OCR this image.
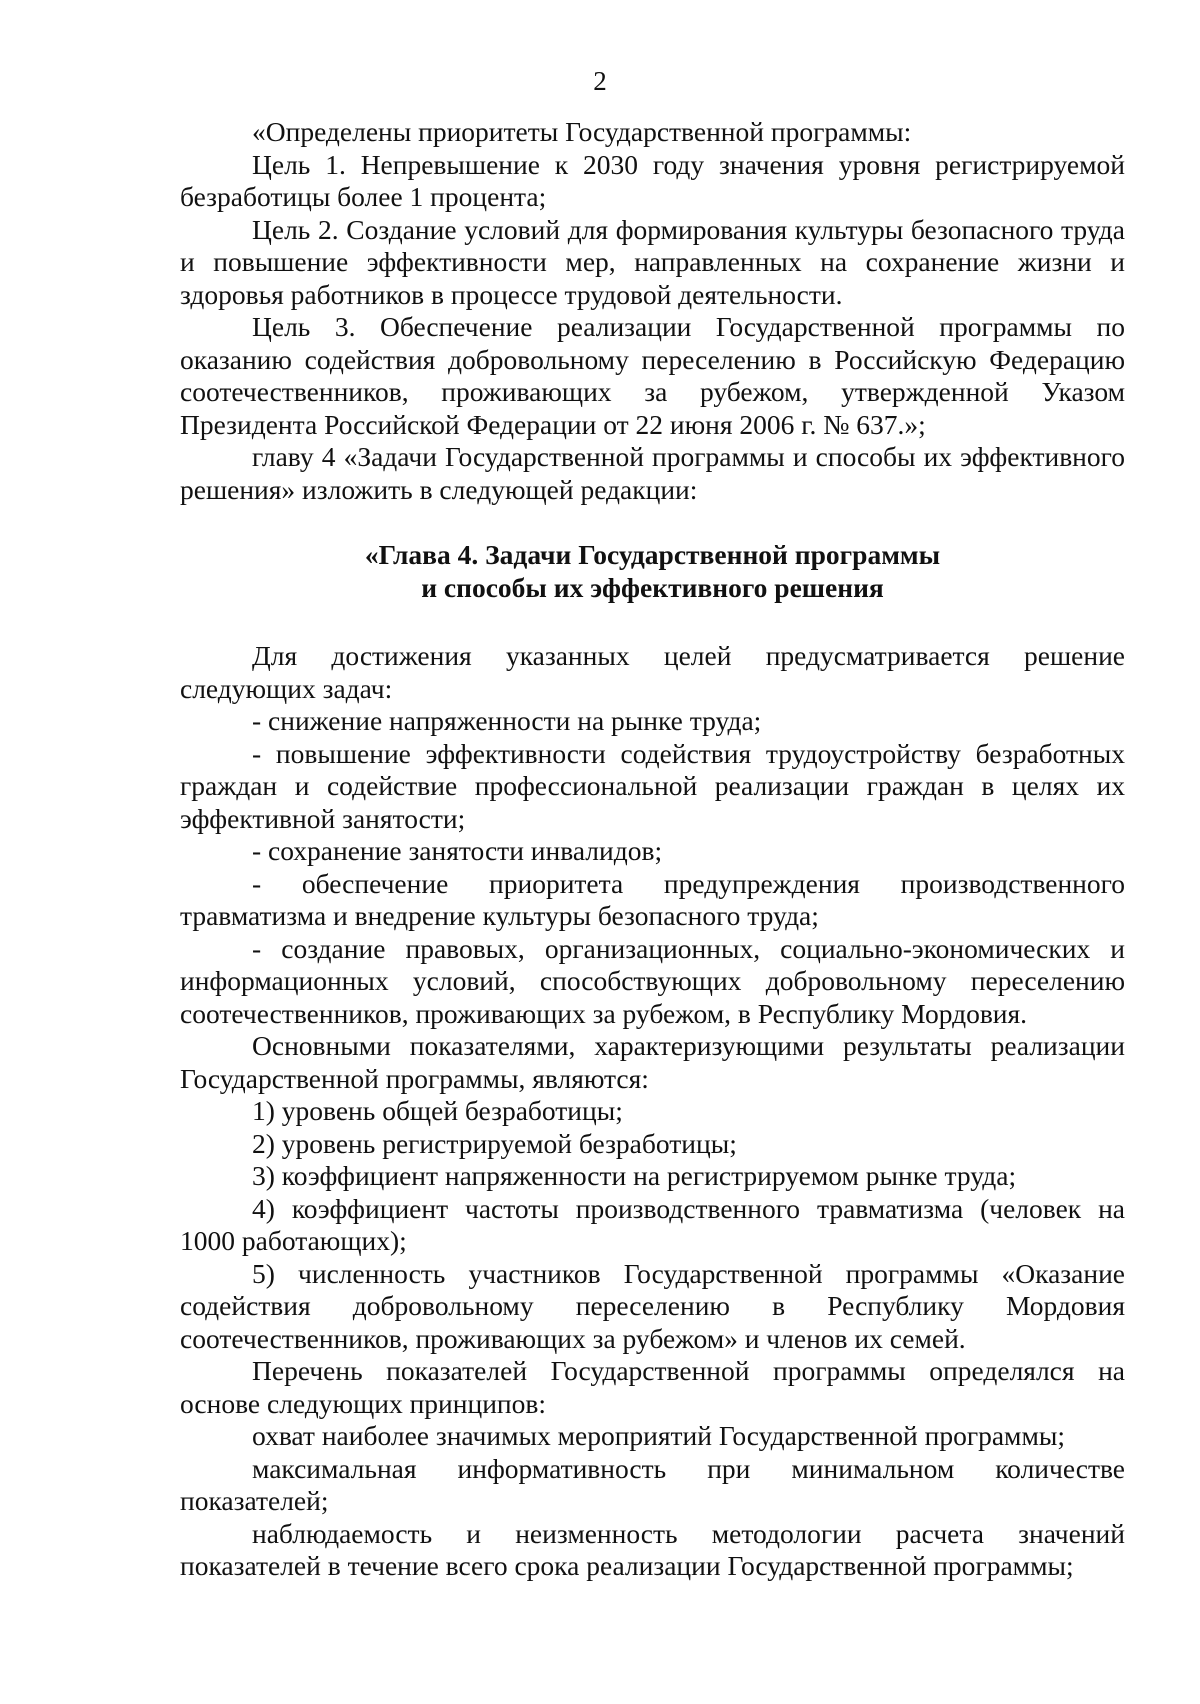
2

«Определены приоритеты Государственной программы:

Цель 1. Непревышение к 2030 году значения уровня регистрируемой безработицы более 1 процента;

Цель 2. Создание условий для формирования культуры безопасного труда и повышение эффективности мер, направленных на сохранение жизни и здоровья работников в процессе трудовой деятельности.

Цель 3. Обеспечение реализации Государственной программы по оказанию содействия добровольному переселению в Российскую Федерацию соотечественников, проживающих за рубежом, утвержденной Указом Президента Российской Федерации от 22 июня 2006 г. № 637.»;

главу 4 «Задачи Государственной программы и способы их эффективного решения» изложить в следующей редакции:

«Глава 4. Задачи Государственной программы
и способы их эффективного решения

Для достижения указанных целей предусматривается решение следующих задач:

- снижение напряженности на рынке труда;

- повышение эффективности содействия трудоустройству безработных граждан и содействие профессиональной реализации граждан в целях их эффективной занятости;

- сохранение занятости инвалидов;

- обеспечение приоритета предупреждения производственного травматизма и внедрение культуры безопасного труда;

- создание правовых, организационных, социально-экономических и информационных условий, способствующих добровольному переселению соотечественников, проживающих за рубежом, в Республику Мордовия.

Основными показателями, характеризующими результаты реализации Государственной программы, являются:

1) уровень общей безработицы;

2) уровень регистрируемой безработицы;

3) коэффициент напряженности на регистрируемом рынке труда;

4) коэффициент частоты производственного травматизма (человек на 1000 работающих);

5) численность участников Государственной программы «Оказание содействия добровольному переселению в Республику Мордовия соотечественников, проживающих за рубежом» и членов их семей.

Перечень показателей Государственной программы определялся на основе следующих принципов:

охват наиболее значимых мероприятий Государственной программы;

максимальная информативность при минимальном количестве показателей;

наблюдаемость и неизменность методологии расчета значений показателей в течение всего срока реализации Государственной программы;
